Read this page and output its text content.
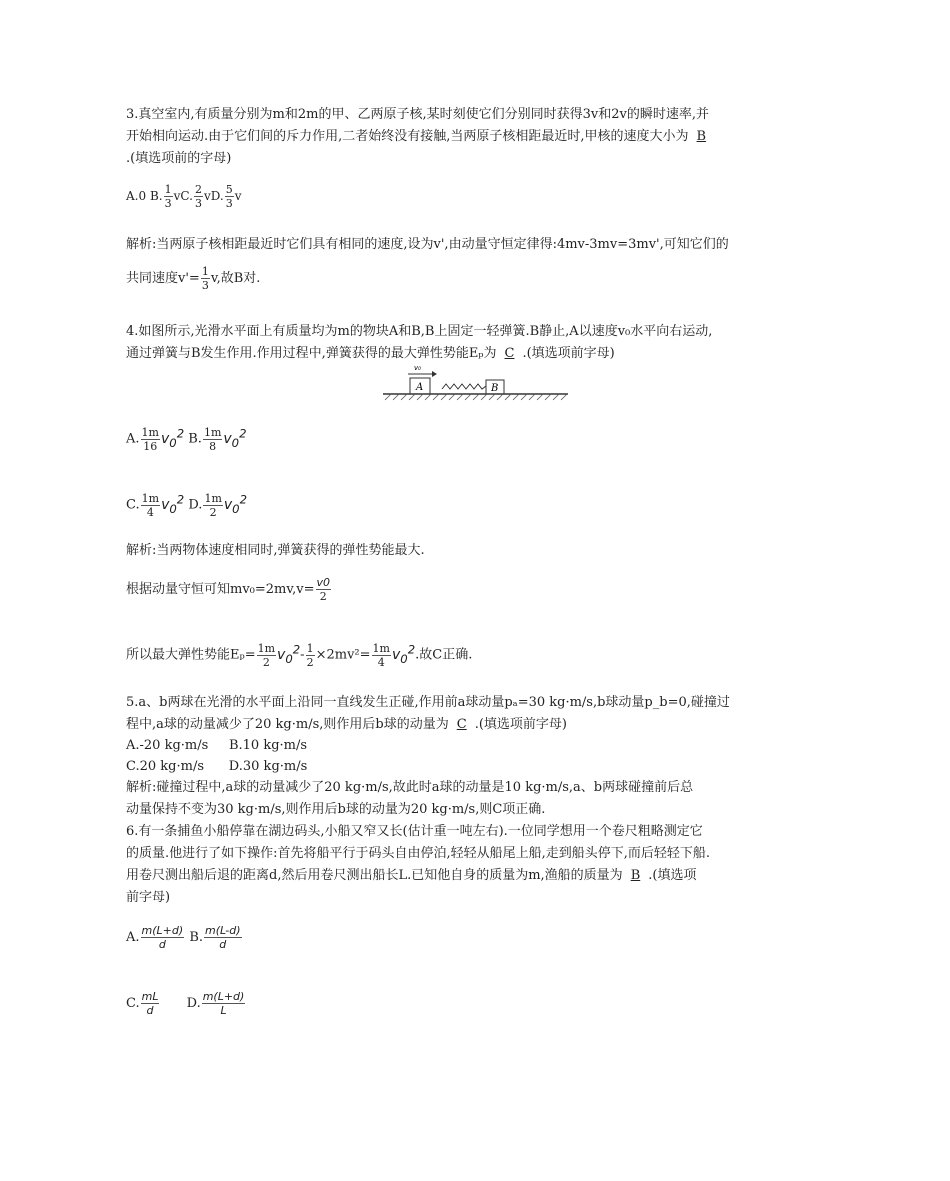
3.真空室内,有质量分别为m和2m的甲、乙两原子核,某时刻使它们分别同时获得3v和2v的瞬时速率,并
开始相向运动.由于它们间的斥力作用,二者始终没有接触,当两原子核相距最近时,甲核的速度大小为 B
.(填选项前的字母)
A.0 B. $\frac{1}{3}$ vC. $\frac{2}{3}$ vD. $\frac{5}{3}$ v
解析:当两原子核相距最近时它们具有相同的速度,设为v',由动量守恒定律得:4mv-3mv=3mv',可知它们的
共同速度$v'= \frac{1}{3} v$,故B对.
4.如图所示,光滑水平面上有质量均为m的物块A和B,B上固定一轻弹簧.B静止,A以速度v₀水平向右运动,
通过弹簧与B发生作用.作用过程中,弹簧获得的最大弹性势能Eₚ为 C .(填选项前字母)
v₀
A	B
A. $\frac{1m}{16} v_0^2$ B. $\frac{1m}{8} v_0^2$
C. $\frac{1m}{4} v_0^2$ D. $\frac{1m}{2} v_0^2$
解析:当两物体速度相同时,弹簧获得的弹性势能最大.
根据动量守恒可知$mv_0=2mv,v= \frac{v0}{2}$
所以最大弹性势能$E_p= \frac{1m}{2} v_0^2- \frac{1}{2} \times 2mv^2= \frac{1m}{4} v_0^2$.故C正确.
5.a、b两球在光滑的水平面上沿同一直线发生正碰,作用前a球动量pₐ=30 kg·m/s,b球动量p_b=0,碰撞过
程中,a球的动量减少了20 kg·m/s,则作用后b球的动量为 C .(填选项前字母)
A.-20 kg·m/s     B.10 kg·m/s
C.20 kg·m/s      D.30 kg·m/s
解析:碰撞过程中,a球的动量减少了20 kg·m/s,故此时a球的动量是10 kg·m/s,a、b两球碰撞前后总
动量保持不变为30 kg·m/s,则作用后b球的动量为20 kg·m/s,则C项正确.
6.有一条捕鱼小船停靠在湖边码头,小船又窄又长(估计重一吨左右).一位同学想用一个卷尺粗略测定它
的质量.他进行了如下操作:首先将船平行于码头自由停泊,轻轻从船尾上船,走到船头停下,而后轻轻下船.
用卷尺测出船后退的距离d,然后用卷尺测出船长L.已知他自身的质量为m,渔船的质量为 B .(填选项
前字母)
A. $\frac{m(L+d)}{d} B$. $\frac{m(L-d)}{d}$
C. $\frac{mL}{d} D$. $\frac{m(L+d)}{L}$
